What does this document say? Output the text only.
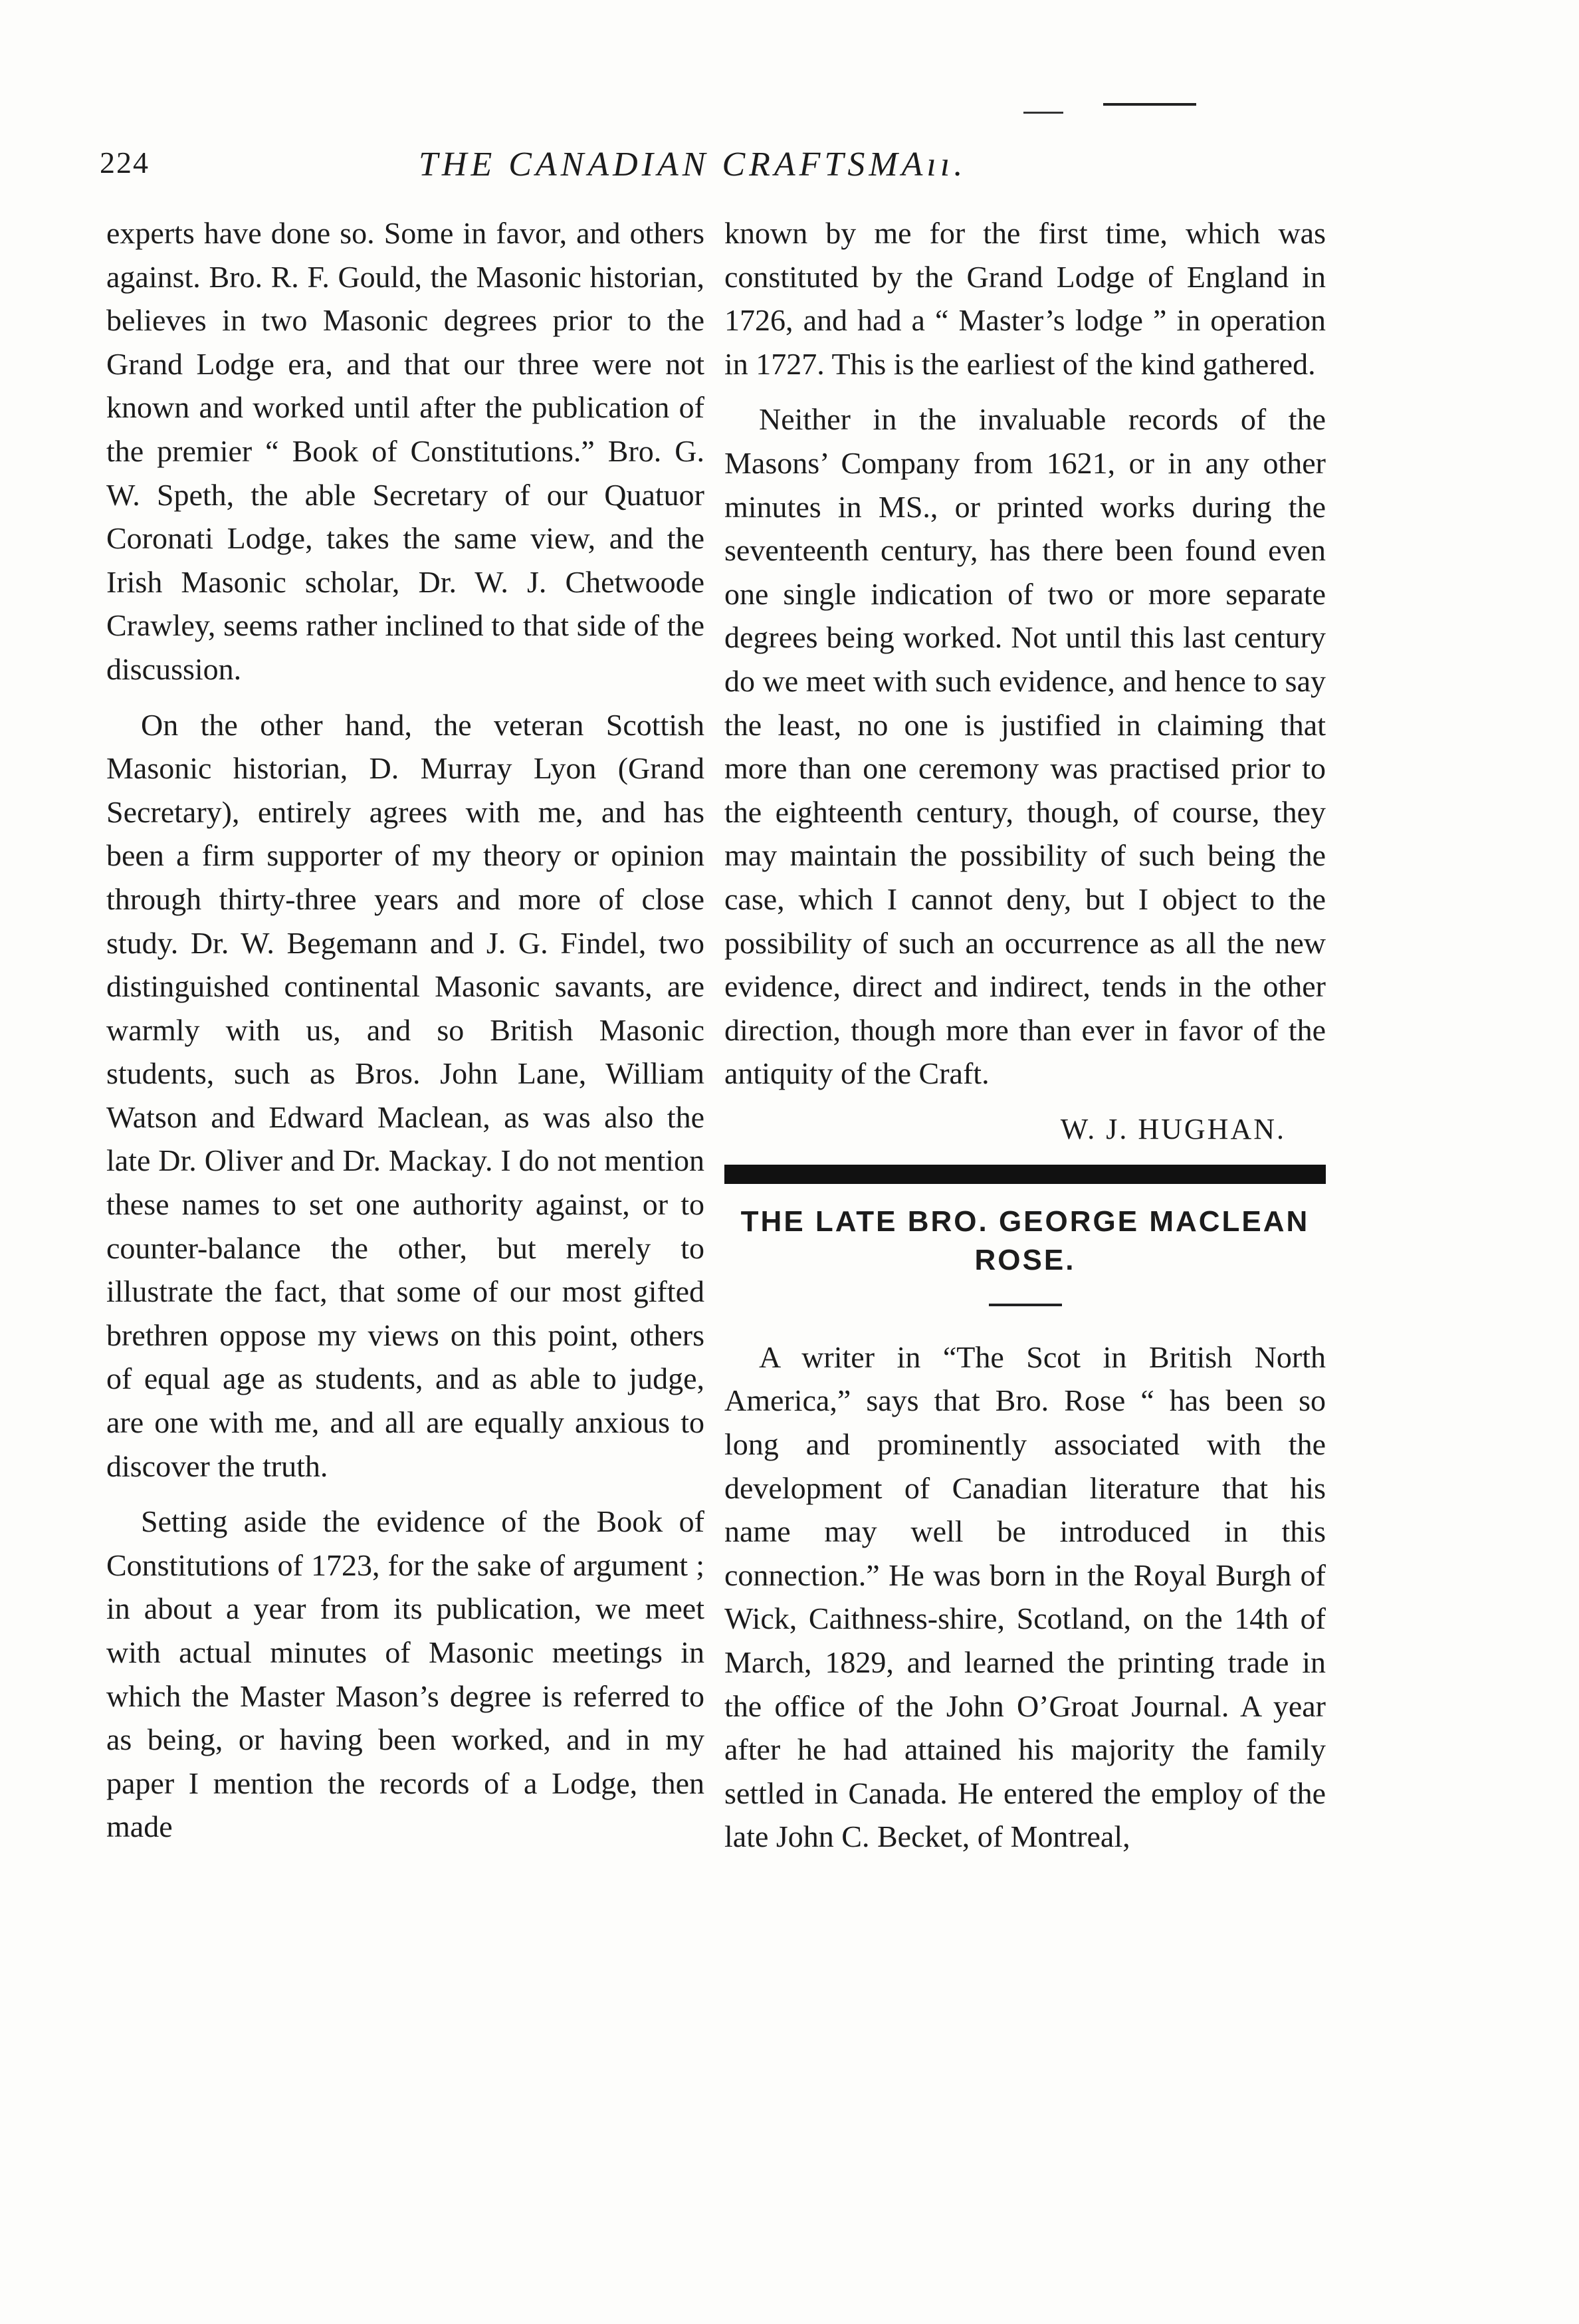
224	THE CANADIAN CRAFTSMAıı.

experts have done so. Some in favor, and others against. Bro. R. F. Gould, the Masonic historian, believes in two Masonic degrees prior to the Grand Lodge era, and that our three were not known and worked until after the publication of the premier “ Book of Constitutions.” Bro. G. W. Speth, the able Secretary of our Quatuor Coronati Lodge, takes the same view, and the Irish Masonic scholar, Dr. W. J. Chetwoode Crawley, seems rather inclined to that side of the discussion.

On the other hand, the veteran Scottish Masonic historian, D. Murray Lyon (Grand Secretary), entirely agrees with me, and has been a firm supporter of my theory or opinion through thirty-three years and more of close study. Dr. W. Begemann and J. G. Findel, two distinguished continental Masonic savants, are warmly with us, and so British Masonic students, such as Bros. John Lane, William Watson and Edward Maclean, as was also the late Dr. Oliver and Dr. Mackay. I do not mention these names to set one authority against, or to counter-balance the other, but merely to illustrate the fact, that some of our most gifted brethren oppose my views on this point, others of equal age as students, and as able to judge, are one with me, and all are equally anxious to discover the truth.

Setting aside the evidence of the Book of Constitutions of 1723, for the sake of argument ; in about a year from its publication, we meet with actual minutes of Masonic meetings in which the Master Mason’s degree is referred to as being, or having been worked, and in my paper I mention the records of a Lodge, then made

known by me for the first time, which was constituted by the Grand Lodge of England in 1726, and had a “ Master’s lodge ” in operation in 1727. This is the earliest of the kind gathered.

Neither in the invaluable records of the Masons’ Company from 1621, or in any other minutes in MS., or printed works during the seventeenth century, has there been found even one single indication of two or more separate degrees being worked. Not until this last century do we meet with such evidence, and hence to say the least, no one is justified in claiming that more than one ceremony was practised prior to the eighteenth century, though, of course, they may maintain the possibility of such being the case, which I cannot deny, but I object to the possibility of such an occurrence as all the new evidence, direct and indirect, tends in the other direction, though more than ever in favor of the antiquity of the Craft.

W. J. HUGHAN.
THE LATE BRO. GEORGE MACLEAN ROSE.

A writer in “The Scot in British North America,” says that Bro. Rose “ has been so long and prominently associated with the development of Canadian literature that his name may well be introduced in this connection.” He was born in the Royal Burgh of Wick, Caithness-shire, Scotland, on the 14th of March, 1829, and learned the printing trade in the office of the John O’Groat Journal. A year after he had attained his majority the family settled in Canada. He entered the employ of the late John C. Becket, of Montreal,
